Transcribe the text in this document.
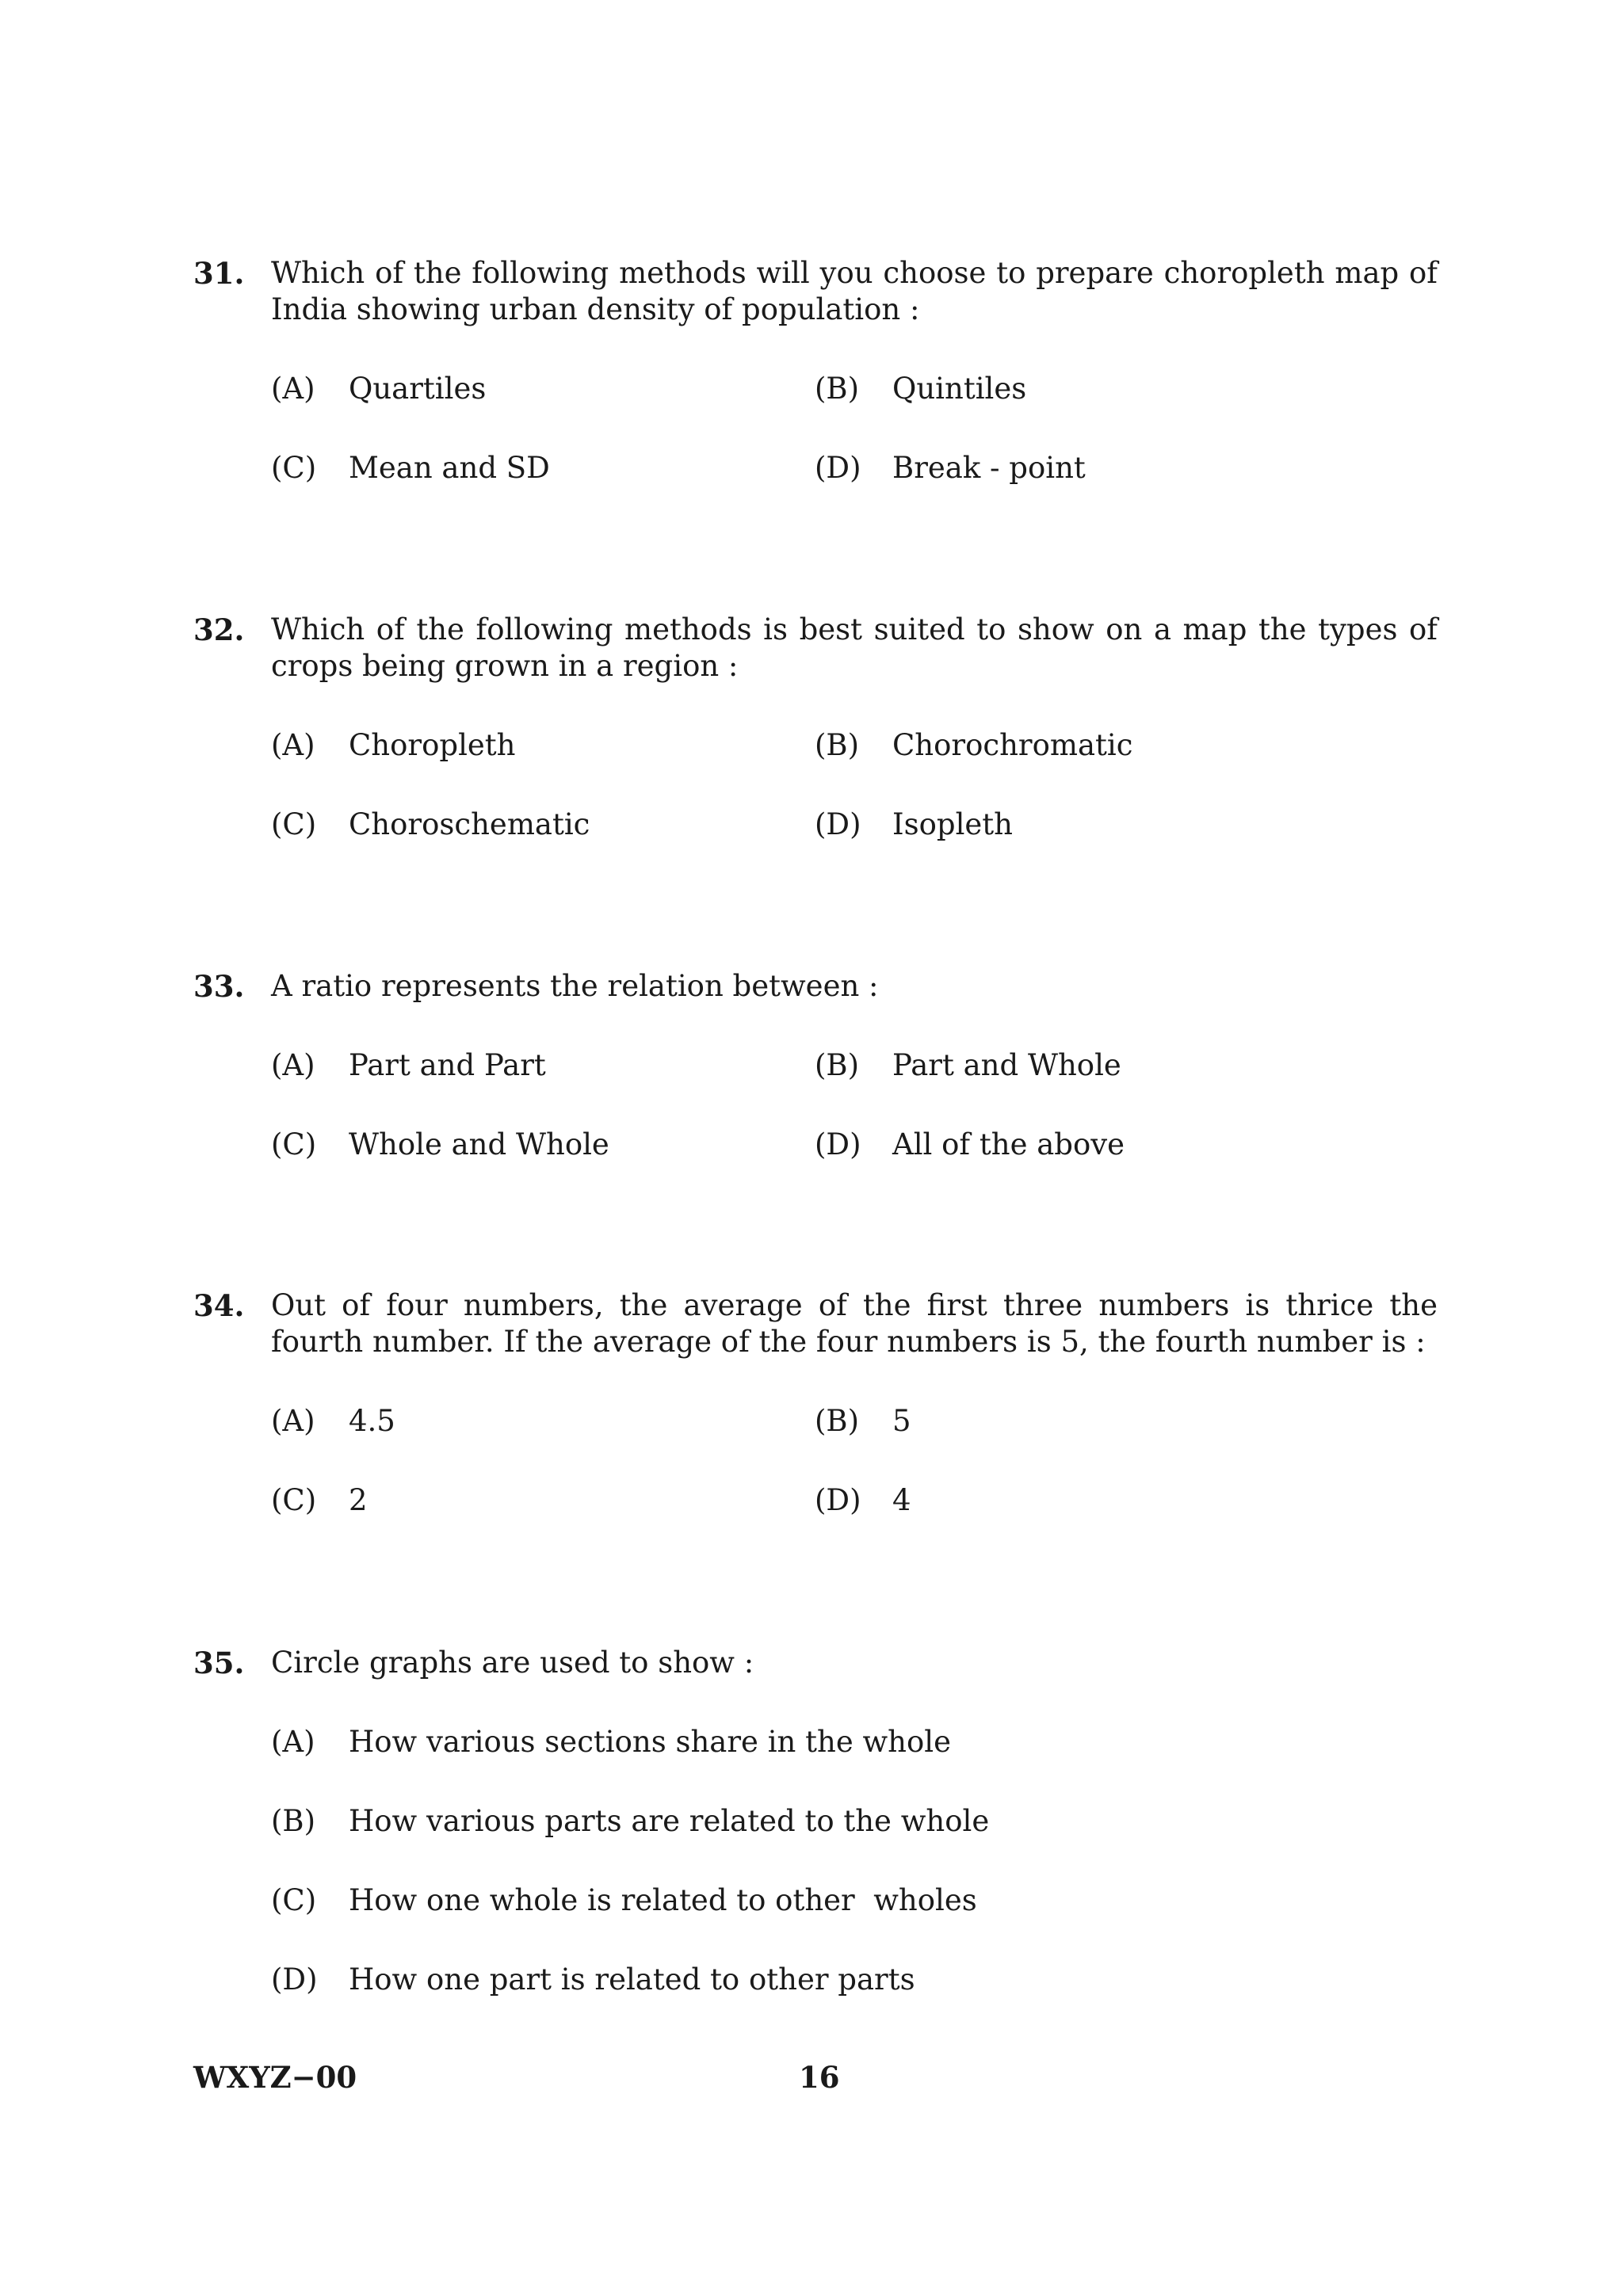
31. Which of the following methods will you choose to prepare choropleth map of India showing urban density of population :
(A)	Quartiles	(B)	Quintiles
(C)	Mean and SD	(D)	Break - point
32. Which of the following methods is best suited to show on a map the types of crops being grown in a region :
(A)	Choropleth	(B)	Chorochromatic
(C)	Choroschematic	(D)	Isopleth
33. A ratio represents the relation between :
(A)	Part and Part	(B)	Part and Whole
(C)	Whole and Whole	(D)	All of the above
34. Out of four numbers, the average of the first three numbers is thrice the fourth number. If the average of the four numbers is 5, the fourth number is :
(A)	4.5	(B)	5
(C)	2	(D)	4
35. Circle graphs are used to show :
(A)	How various sections share in the whole
(B)	How various parts are related to the whole
(C)	How one whole is related to other  wholes
(D)	How one part is related to other parts
WXYZ−00	16
